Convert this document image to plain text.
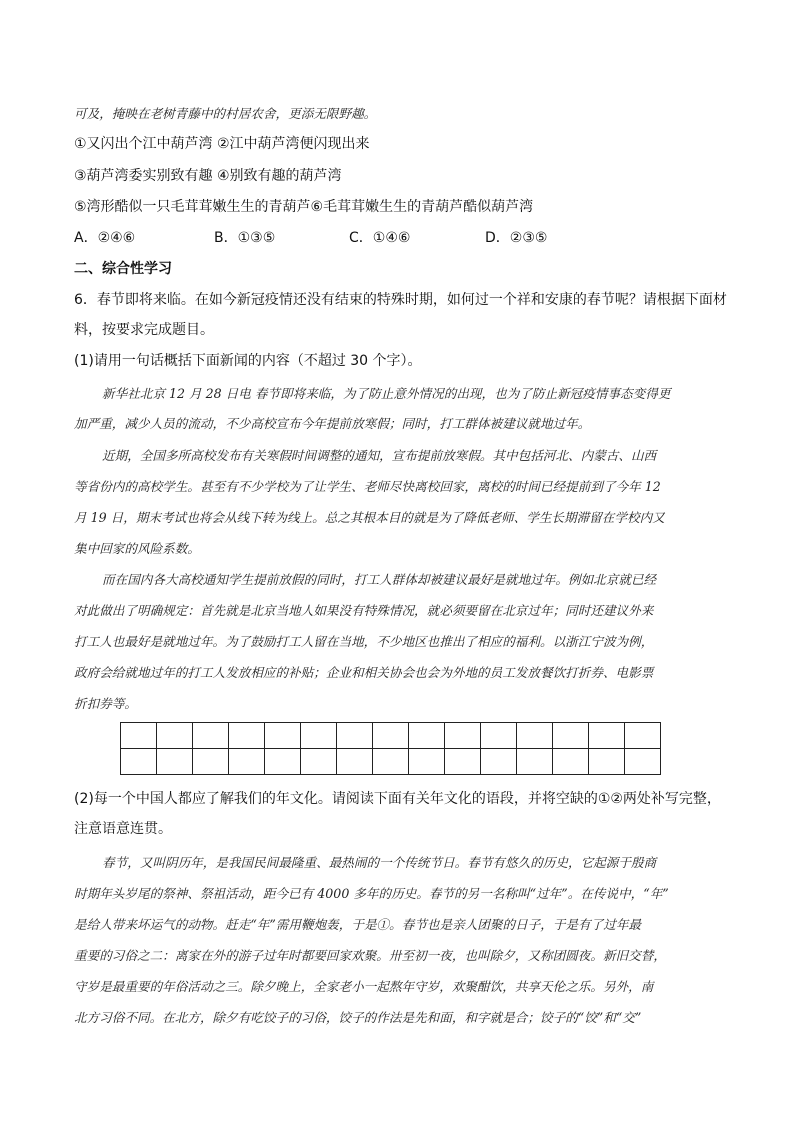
可及，掩映在老树青藤中的村居农舍，更添无限野趣。
①又闪出个江中葫芦湾 ②江中葫芦湾便闪现出来
③葫芦湾委实别致有趣 ④别致有趣的葫芦湾
⑤湾形酷似一只毛茸茸嫩生生的青葫芦⑥毛茸茸嫩生生的青葫芦酷似葫芦湾
A．②④⑥	B．①③⑤	C．①④⑥	D．②③⑤
二、综合性学习
6．春节即将来临。在如今新冠疫情还没有结束的特殊时期，如何过一个祥和安康的春节呢？请根据下面材
料，按要求完成题目。
(1)请用一句话概括下面新闻的内容（不超过 30 个字）。
新华社北京 12 月 28 日电 春节即将来临，为了防止意外情况的出现，也为了防止新冠疫情事态变得更
加严重，减少人员的流动，不少高校宣布今年提前放寒假；同时，打工群体被建议就地过年。
近期，全国多所高校发布有关寒假时间调整的通知，宣布提前放寒假。其中包括河北、内蒙古、山西
等省份内的高校学生。甚至有不少学校为了让学生、老师尽快离校回家，离校的时间已经提前到了今年 12
月 19 日，期末考试也将会从线下转为线上。总之其根本目的就是为了降低老师、学生长期滞留在学校内又
集中回家的风险系数。
而在国内各大高校通知学生提前放假的同时，打工人群体却被建议最好是就地过年。例如北京就已经
对此做出了明确规定：首先就是北京当地人如果没有特殊情况，就必须要留在北京过年；同时还建议外来
打工人也最好是就地过年。为了鼓励打工人留在当地，不少地区也推出了相应的福利。以浙江宁波为例，
政府会给就地过年的打工人发放相应的补贴；企业和相关协会也会为外地的员工发放餐饮打折券、电影票
折扣券等。

(2)每一个中国人都应了解我们的年文化。请阅读下面有关年文化的语段，并将空缺的①②两处补写完整，
注意语意连贯。
春节，又叫阴历年，是我国民间最隆重、最热闹的一个传统节日。春节有悠久的历史，它起源于殷商
时期年头岁尾的祭神、祭祖活动，距今已有 4000 多年的历史。春节的另一名称叫“过年”。在传说中，“年”
是给人带来坏运气的动物。赶走“年”需用鞭炮轰，于是①。春节也是亲人团聚的日子，于是有了过年最
重要的习俗之二：离家在外的游子过年时都要回家欢聚。卅至初一夜，也叫除夕，又称团圆夜。新旧交替，
守岁是最重要的年俗活动之三。除夕晚上，全家老小一起熬年守岁，欢聚酣饮，共享天伦之乐。另外，南
北方习俗不同。在北方，除夕有吃饺子的习俗，饺子的作法是先和面，和字就是合；饺子的“饺”和“交”
